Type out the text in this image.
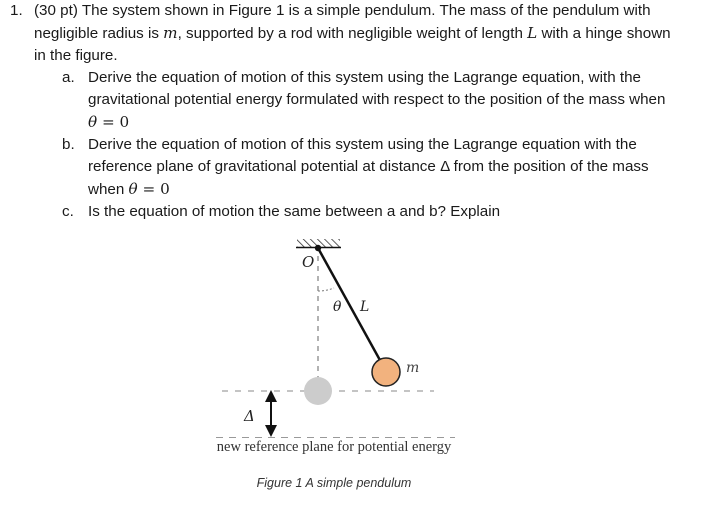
1. (30 pt) The system shown in Figure 1 is a simple pendulum. The mass of the pendulum with
negligible radius is m, supported by a rod with negligible weight of length L with a hinge shown
in the figure.
a. Derive the equation of motion of this system using the Lagrange equation, with the
gravitational potential energy formulated with respect to the position of the mass when
θ = 0
b. Derive the equation of motion of this system using the Lagrange equation with the
reference plane of gravitational potential at distance Δ from the position of the mass
when θ = 0
c. Is the equation of motion the same between a and b? Explain
O
θ L
m
Δ
new reference plane for potential energy
Figure 1 A simple pendulum
